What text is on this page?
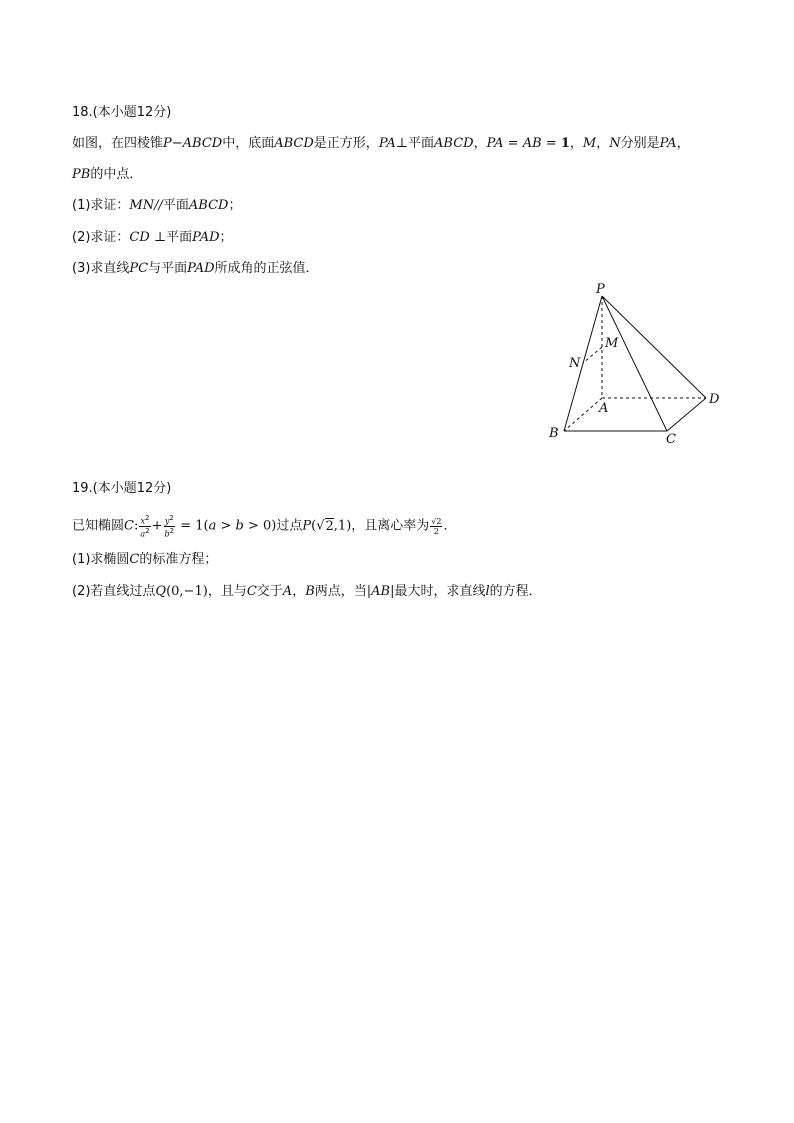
18.(本小题12分)
如图，在四棱锥P−ABCD中，底面ABCD是正方形，PA⊥平面ABCD，PA = AB = 1，M，N分别是PA，
PB的中点．
(1)求证：MN//平面ABCD；
(2)求证：CD ⊥平面PAD；
(3)求直线PC与平面PAD所成角的正弦值．
P
M
N
A
D
B	C
19.(本小题12分)
已知椭圆C: $\frac{x^2}{a^2} + \frac{y^2}{b^2} = 1(a > b > 0)$过点P(√2,1)，且离心率为 $\frac{√2}{2}$ ．
(1)求椭圆C的标准方程；
(2)若直线过点Q(0,−1)，且与C交于A，B两点，当|AB|最大时，求直线l的方程．
